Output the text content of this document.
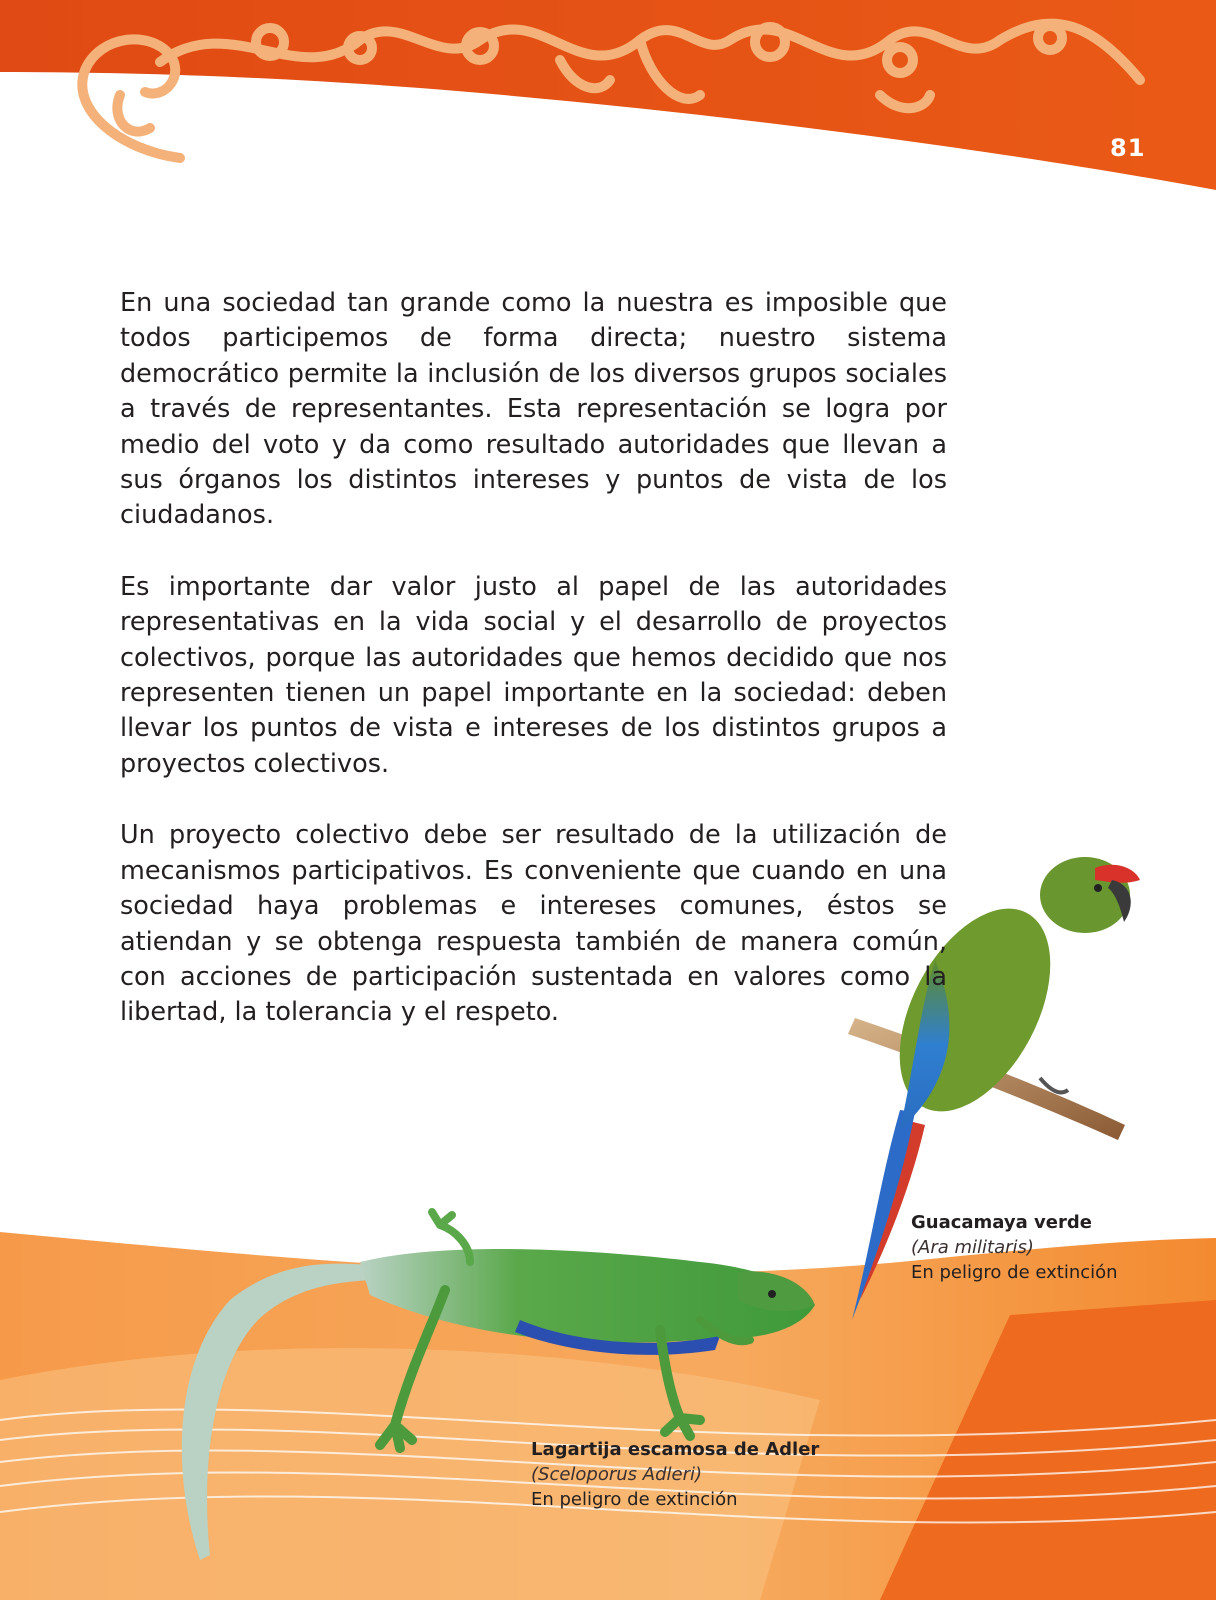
81

En una sociedad tan grande como la nuestra es imposible que todos participemos de forma directa; nuestro sistema democrático permite la inclusión de los diversos grupos sociales a través de representantes. Esta representación se logra por medio del voto y da como resultado autoridades que llevan a sus órganos los distintos intereses y puntos de vista de los ciudadanos.

Es importante dar valor justo al papel de las autoridades representativas en la vida social y el desarrollo de proyectos colectivos, porque las autoridades que hemos decidido que nos representen tienen un papel importante en la sociedad: deben llevar los puntos de vista e intereses de los distintos grupos a proyectos colectivos.

Un proyecto colectivo debe ser resultado de la utilización de mecanismos participativos. Es conveniente que cuando en una sociedad haya problemas e intereses comunes, éstos se atiendan y se obtenga respuesta también de manera común, con acciones de participación sustentada en valores como la libertad, la tolerancia y el respeto.

Guacamaya verde
(Ara militaris)
En peligro de extinción
Lagartija escamosa de Adler
(Sceloporus Adleri)
En peligro de extinción
